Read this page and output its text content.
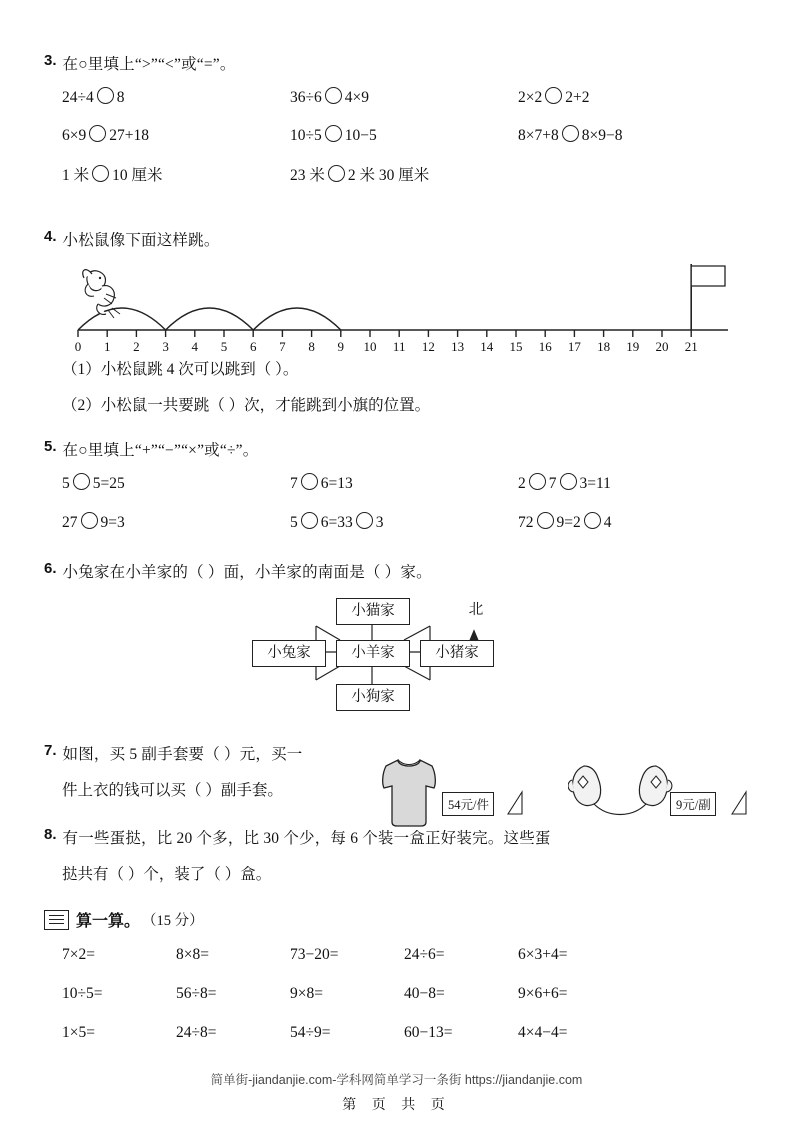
3. 在○里填上“>”“<”或“=”。
24÷4 8	36÷6 4×9	2×2 2+2
6×9 27+18	10÷5 10−5	8×7+8 8×9−8
1 米 10 厘米	23 米 2 米 30 厘米
4. 小松鼠像下面这样跳。
0 1 2 3 4 5 6 7 8 9 10 11 12 13 14 15 16 17 18 19 20 21
（1）小松鼠跳 4 次可以跳到（ ）。
（2）小松鼠一共要跳（ ）次，才能跳到小旗的位置。
5. 在○里填上“+”“−”“×”或“÷”。
5 5=25	7 6=13	2 7 3=11
27 9=3	5 6=33 3	72 9=2 4
6. 小兔家在小羊家的（ ）面，小羊家的南面是（ ）家。
北
小猫家
小兔家	小羊家	小猪家
小狗家
7. 如图，买 5 副手套要（ ）元，买一
件上衣的钱可以买（ ）副手套。
54元/件	9元/副
8. 有一些蛋挞，比 20 个多，比 30 个少，每 6 个装一盒正好装完。这些蛋
挞共有（ ）个，装了（ ）盒。
算一算。 （15 分）
7×2=	8×8=	73−20=	24÷6=	6×3+4=
10÷5=	56÷8=	9×8=	40−8=	9×6+6=
1×5=	24÷8=	54÷9=	60−13=	4×4−4=
简单街-jiandanjie.com-学科网简单学习一条街 https://jiandanjie.com
第 页 共 页
